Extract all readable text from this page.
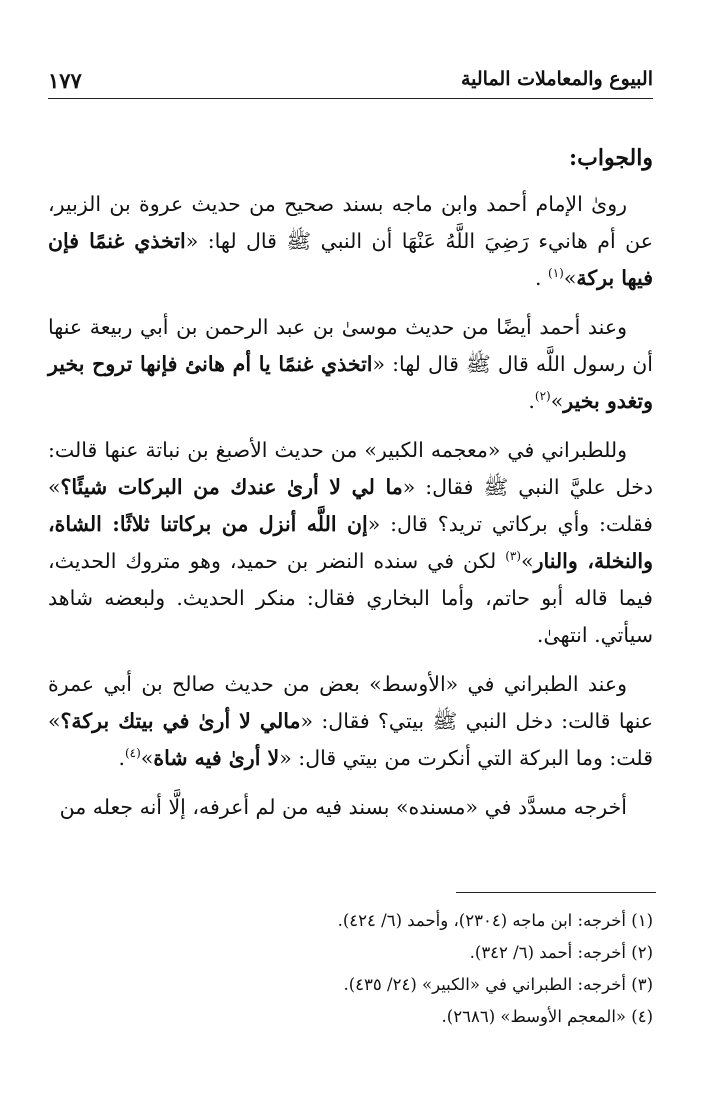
١٧٧	البيوع والمعاملات المالية

والجواب:

روىٰ الإمام أحمد وابن ماجه بسند صحيح من حديث عروة بن الزبير، عن أم هانيء رَضِيَ اللَّهُ عَنْهَا أن النبي ﷺ قال لها: «اتخذي غنمًا فإن فيها بركة»$^{(١)}$ .

وعند أحمد أيضًا من حديث موسىٰ بن عبد الرحمن بن أبي ربيعة عنها أن رسول اللَّه قال ﷺ قال لها: «اتخذي غنمًا يا أم هانئ فإنها تروح بخير وتغدو بخير»$^{(٢)}$.

وللطبراني في «معجمه الكبير» من حديث الأصبغ بن نباتة عنها قالت: دخل عليَّ النبي ﷺ فقال: «ما لي لا أرىٰ عندك من البركات شيئًا؟» فقلت: وأي بركاتي تريد؟ قال: «إن اللَّه أنزل من بركاتنا ثلاثًا: الشاة، والنخلة، والنار»$^{(٣)}$ لكن في سنده النضر بن حميد، وهو متروك الحديث، فيما قاله أبو حاتم، وأما البخاري فقال: منكر الحديث. ولبعضه شاهد سيأتي. انتهىٰ.

وعند الطبراني في «الأوسط» بعض من حديث صالح بن أبي عمرة عنها قالت: دخل النبي ﷺ بيتي؟ فقال: «مالي لا أرىٰ في بيتك بركة؟» قلت: وما البركة التي أنكرت من بيتي قال: «لا أرىٰ فيه شاة»$^{(٤)}$.

أخرجه مسدَّد في «مسنده» بسند فيه من لم أعرفه، إلَّا أنه جعله من

(١) أخرجه: ابن ماجه (٢٣٠٤)، وأحمد (٦/ ٤٢٤).

(٢) أخرجه: أحمد (٦/ ٣٤٢).

(٣) أخرجه: الطبراني في «الكبير» (٢٤/ ٤٣٥).

(٤) «المعجم الأوسط» (٢٦٨٦).
